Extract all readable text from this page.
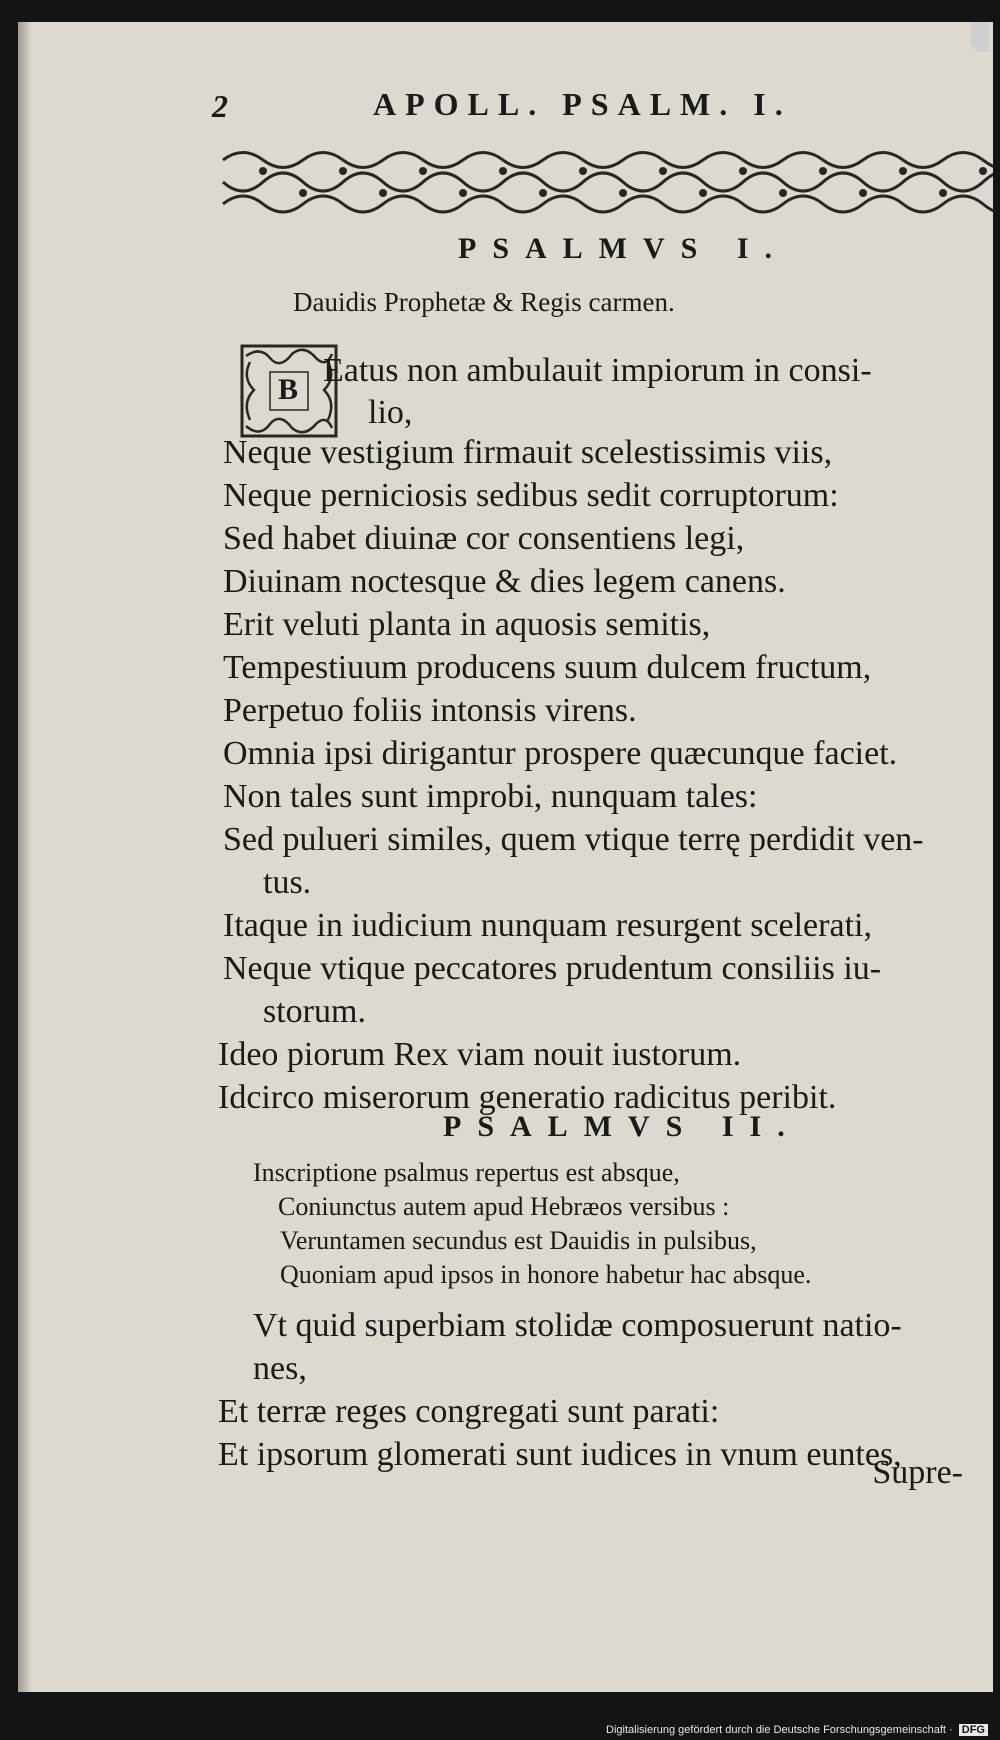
2	APOLL. PSALM. I.
PSALMVS I.
Dauidis Prophetæ & Regis carmen.
B
Eatus non ambulauit impiorum in consi-
lio,
Neque vestigium firmauit scelestissimis viis,
Neque perniciosis sedibus sedit corruptorum:
Sed habet diuinæ cor consentiens legi,
Diuinam noctesque & dies legem canens.
Erit veluti planta in aquosis semitis,
Tempestiuum producens suum dulcem fructum,
Perpetuo foliis intonsis virens.
Omnia ipsi dirigantur prospere quæcunque faciet.
Non tales sunt improbi, nunquam tales:
Sed pulueri similes, quem vtique terrę perdidit ven-
tus.
Itaque in iudicium nunquam resurgent scelerati,
Neque vtique peccatores prudentum consiliis iu-
storum.
Ideo piorum Rex viam nouit iustorum.
Idcirco miserorum generatio radicitus peribit.
PSALMVS II.
Inscriptione psalmus repertus est absque,
Coniunctus autem apud Hebræos versibus :
Veruntamen secundus est Dauidis in pulsibus,
Quoniam apud ipsos in honore habetur hac absque.
Vt quid superbiam stolidæ composuerunt natio-
nes,
Et terræ reges congregati sunt parati:
Et ipsorum glomerati sunt iudices in vnum euntes,
Supre-
Digitalisierung gefördert durch die Deutsche Forschungsgemeinschaft · DFG
